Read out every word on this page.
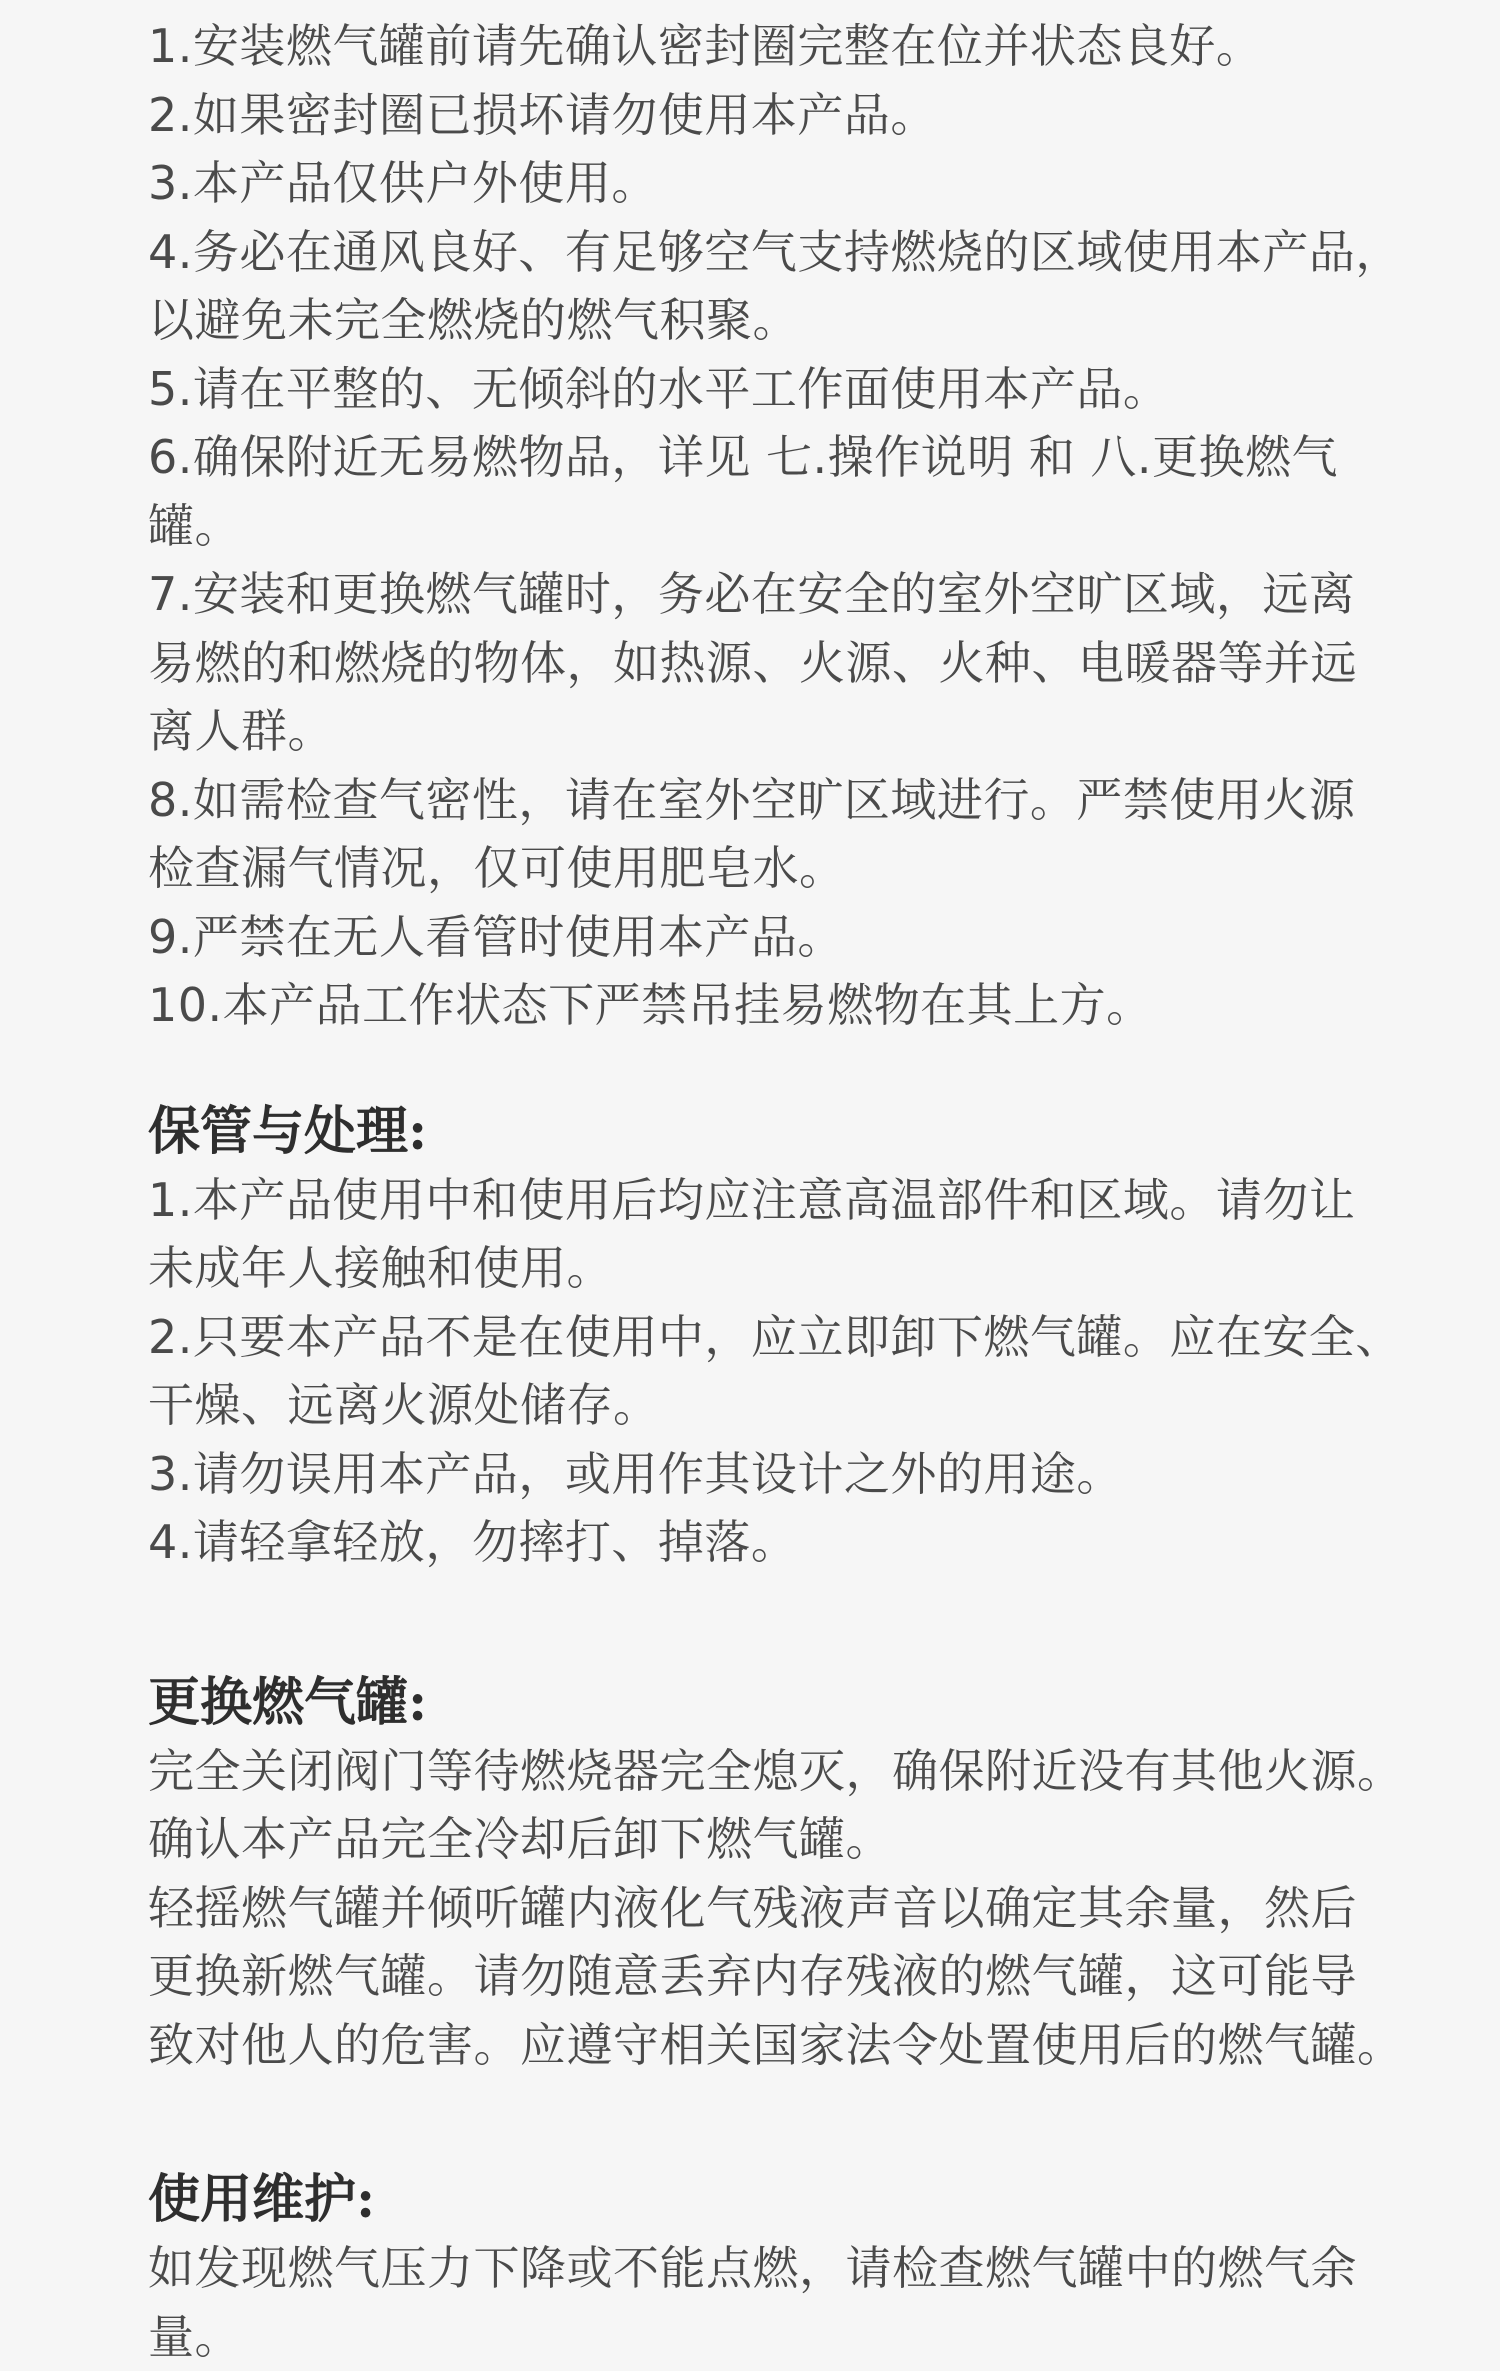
1.安装燃气罐前请先确认密封圈完整在位并状态良好。

2.如果密封圈已损坏请勿使用本产品。

3.本产品仅供户外使用。

4.务必在通风良好、有足够空气支持燃烧的区域使用本产品，

以避免未完全燃烧的燃气积聚。

5.请在平整的、无倾斜的水平工作面使用本产品。

6.确保附近无易燃物品，详见 七.操作说明 和 八.更换燃气

罐。

7.安装和更换燃气罐时，务必在安全的室外空旷区域，远离

易燃的和燃烧的物体，如热源、火源、火种、电暖器等并远

离人群。

8.如需检查气密性，请在室外空旷区域进行。严禁使用火源

检查漏气情况，仅可使用肥皂水。

9.严禁在无人看管时使用本产品。

10.本产品工作状态下严禁吊挂易燃物在其上方。

保管与处理:

1.本产品使用中和使用后均应注意高温部件和区域。请勿让

未成年人接触和使用。

2.只要本产品不是在使用中，应立即卸下燃气罐。应在安全、

干燥、远离火源处储存。

3.请勿误用本产品，或用作其设计之外的用途。

4.请轻拿轻放，勿摔打、掉落。

更换燃气罐:

完全关闭阀门等待燃烧器完全熄灭，确保附近没有其他火源。

确认本产品完全冷却后卸下燃气罐。

轻摇燃气罐并倾听罐内液化气残液声音以确定其余量，然后

更换新燃气罐。请勿随意丢弃内存残液的燃气罐，这可能导

致对他人的危害。应遵守相关国家法令处置使用后的燃气罐。

使用维护:

如发现燃气压力下降或不能点燃，请检查燃气罐中的燃气余

量。
